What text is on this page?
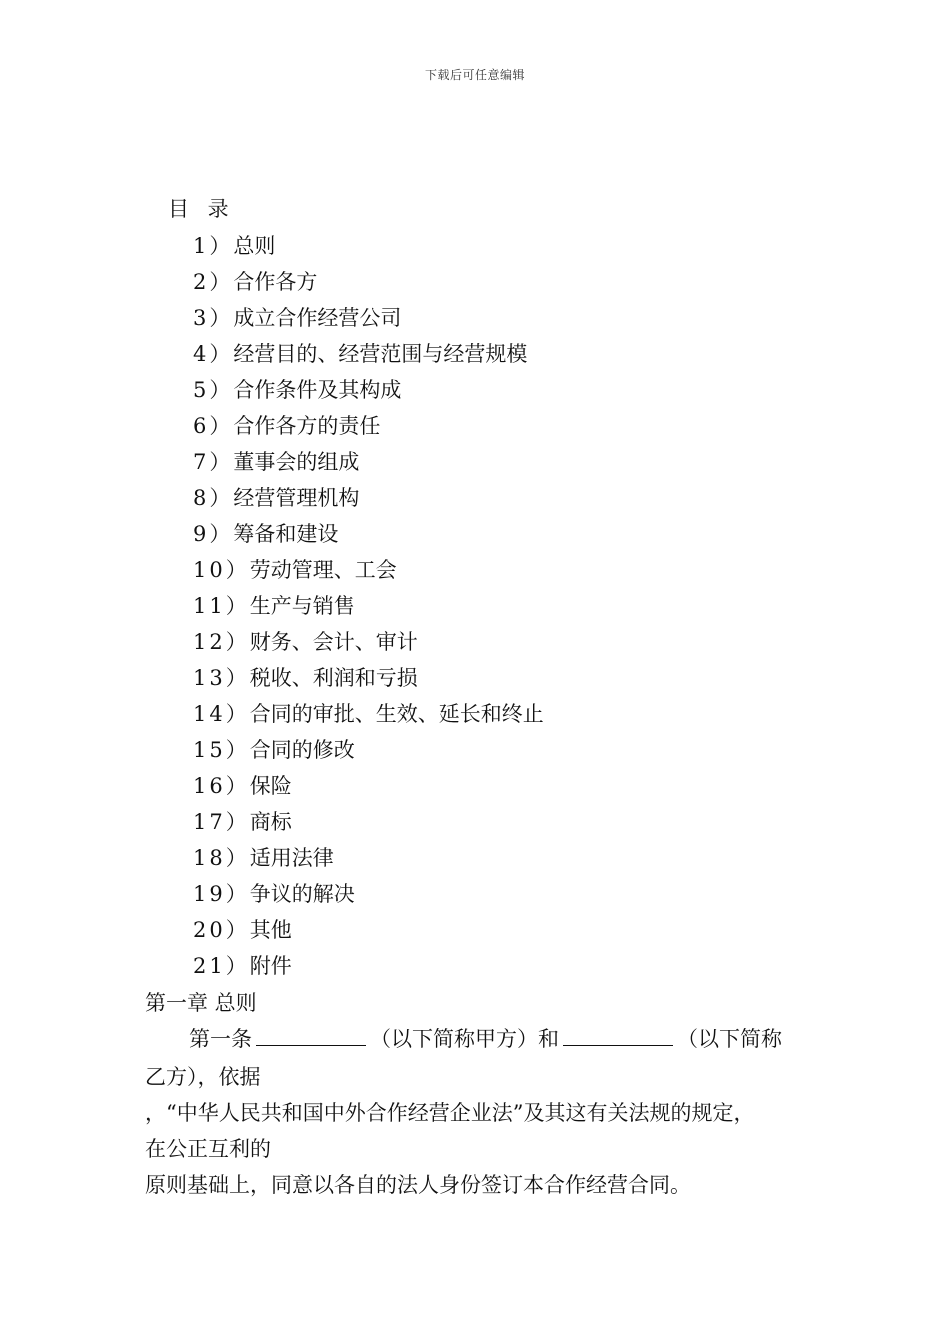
下载后可任意编辑
目 录
1）总则
2）合作各方
3）成立合作经营公司
4）经营目的、经营范围与经营规模
5）合作条件及其构成
6）合作各方的责任
7）董事会的组成
8）经营管理机构
9）筹备和建设
10）劳动管理、工会
11）生产与销售
12）财务、会计、审计
13）税收、利润和亏损
14）合同的审批、生效、延长和终止
15）合同的修改
16）保险
17）商标
18）适用法律
19）争议的解决
20）其他
21）附件
第一章 总则
第一条	（以下简称甲方）和	（以下简称
乙方），依据
，“中华人民共和国中外合作经营企业法”及其这有关法规的规定，
在公正互利的
原则基础上，同意以各自的法人身份签订本合作经营合同。
